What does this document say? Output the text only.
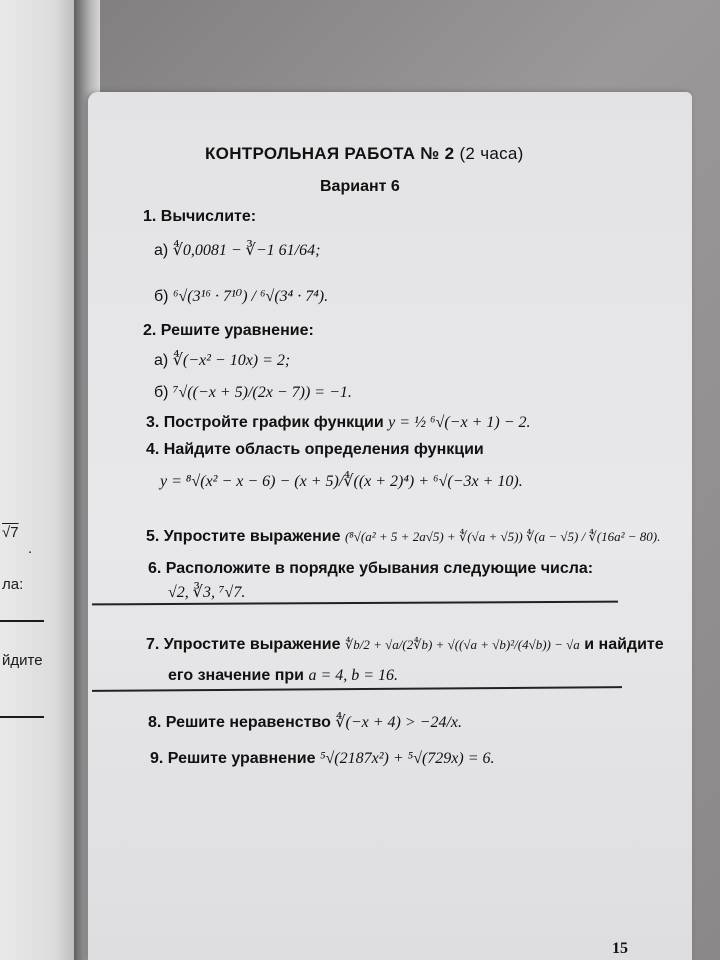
√7
.
ла:
йдите
КОНТРОЛЬНАЯ РАБОТА № 2 (2 часа)
Вариант 6
1. Вычислите:
а) ∜0,0081 − ∛−1 61/64;
б) ⁶√(3¹⁶ · 7¹⁰) / ⁶√(3⁴ · 7⁴).
2. Решите уравнение:
а) ∜(−x² − 10x) = 2;
б) ⁷√((−x + 5)/(2x − 7)) = −1.
3. Постройте график функции y = ½ ⁶√(−x + 1) − 2.
4. Найдите область определения функции
y = ⁸√(x² − x − 6) − (x + 5)/∜((x + 2)⁴) + ⁶√(−3x + 10).
5. Упростите выражение (⁸√(a² + 5 + 2a√5) + ∜(√a + √5)) ∜(a − √5) / ∜(16a² − 80).
6. Расположите в порядке убывания следующие числа:
√2, ∛3, ⁷√7.
7. Упростите выражение ∜b/2 + √a/(2∜b) + √((√a + √b)²/(4√b)) − √a и найдите
его значение при a = 4, b = 16.
8. Решите неравенство ∜(−x + 4) > −24/x.
9. Решите уравнение ⁵√(2187x²) + ⁵√(729x) = 6.
15
